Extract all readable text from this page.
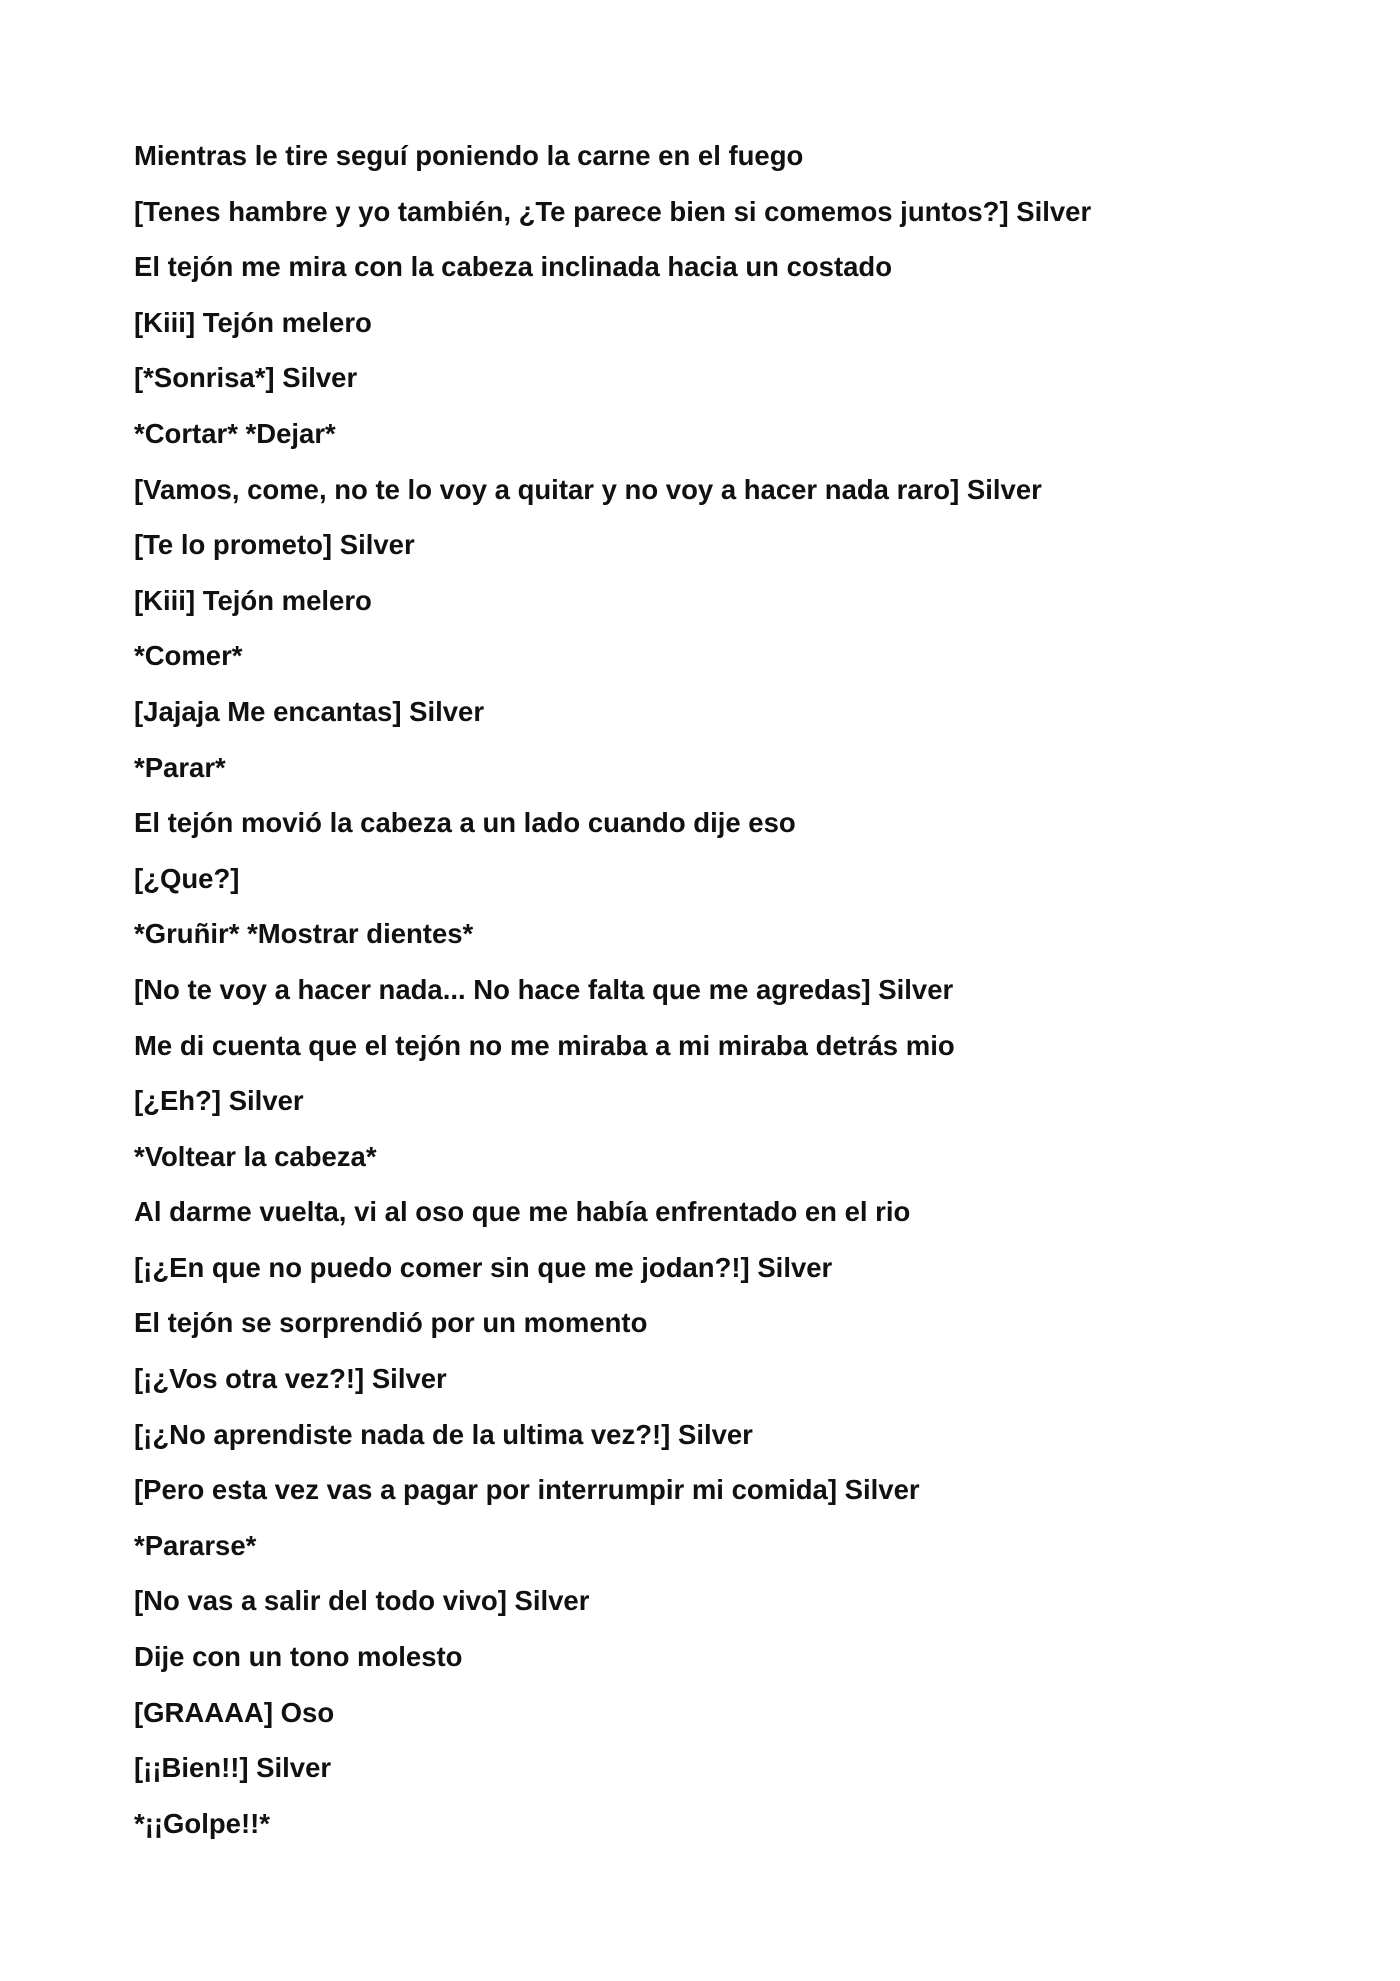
Mientras le tire seguí poniendo la carne en el fuego

[Tenes hambre y yo también, ¿Te parece bien si comemos juntos?] Silver

El tejón me mira con la cabeza inclinada hacia un costado

[Kiii] Tejón melero

[*Sonrisa*] Silver

*Cortar* *Dejar*

[Vamos, come, no te lo voy a quitar y no voy a hacer nada raro] Silver

[Te lo prometo] Silver

[Kiii] Tejón melero

*Comer*

[Jajaja Me encantas] Silver

*Parar*

El tejón movió la cabeza a un lado cuando dije eso

[¿Que?]

*Gruñir* *Mostrar dientes*

[No te voy a hacer nada... No hace falta que me agredas] Silver

Me di cuenta que el tejón no me miraba a mi miraba detrás mio

[¿Eh?] Silver

*Voltear la cabeza*

Al darme vuelta, vi al oso que me había enfrentado en el rio

[¡¿En que no puedo comer sin que me jodan?!] Silver

El tejón se sorprendió por un momento

[¡¿Vos otra vez?!] Silver

[¡¿No aprendiste nada de la ultima vez?!] Silver

[Pero esta vez vas a pagar por interrumpir mi comida] Silver

*Pararse*

[No vas a salir del todo vivo] Silver

Dije con un tono molesto

[GRAAAA] Oso

[¡¡Bien!!] Silver

*¡¡Golpe!!*
